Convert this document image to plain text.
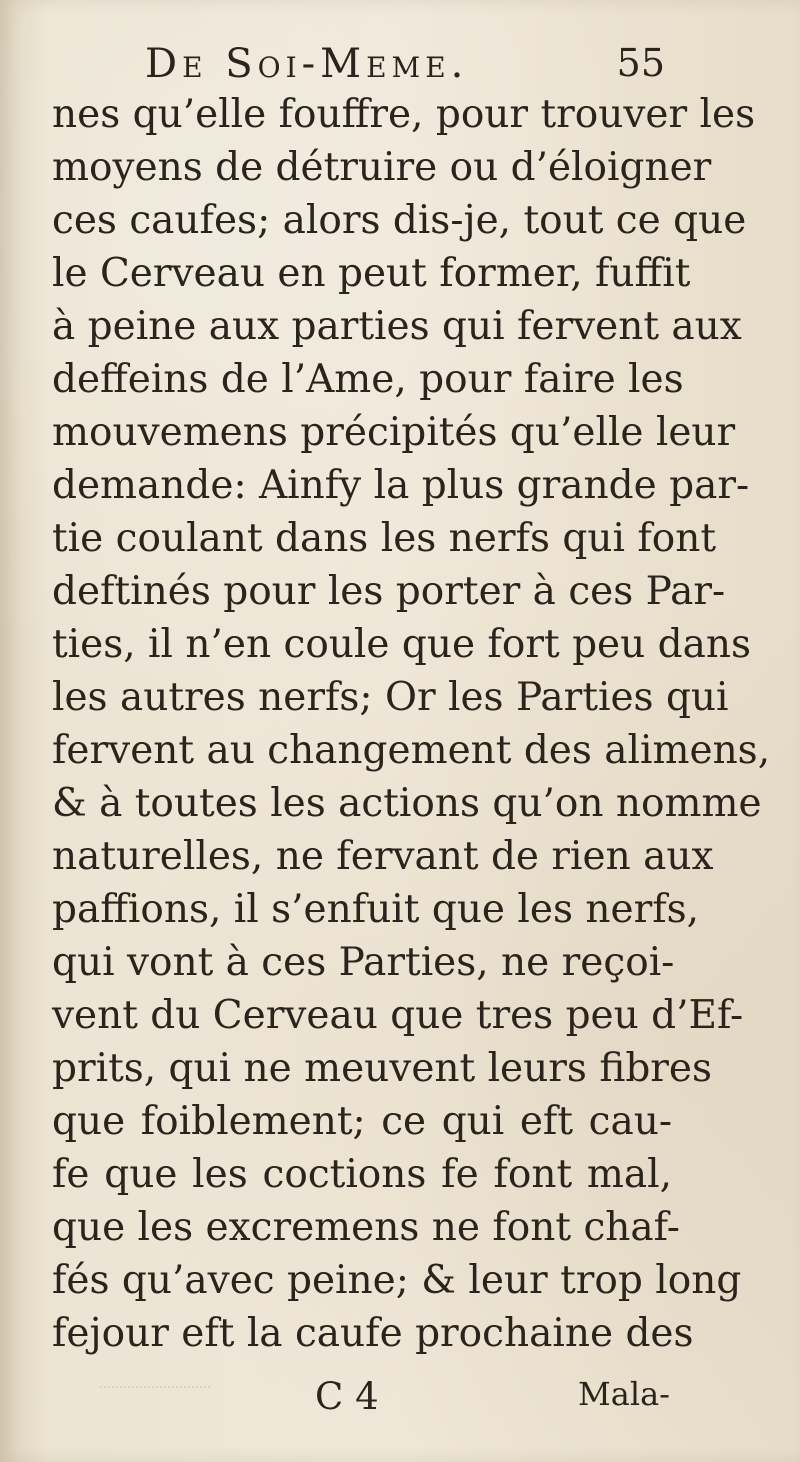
De Soi-Meme.	55
nes qu’elle fouffre, pour trouver les
moyens de détruire ou d’éloigner
ces caufes; alors dis-je, tout ce que
le Cerveau en peut former, fuffit
à peine aux parties qui fervent aux
deffeins de l’Ame, pour faire les
mouvemens précipités qu’elle leur
demande: Ainfy la plus grande par-
tie coulant dans les nerfs qui font
deftinés pour les porter à ces Par-
ties, il n’en coule que fort peu dans
les autres nerfs; Or les Parties qui
fervent au changement des alimens,
& à toutes les actions qu’on nomme
naturelles, ne fervant de rien aux
paffions, il s’enfuit que les nerfs,
qui vont à ces Parties, ne reçoi-
vent du Cerveau que tres peu d’Ef-
prits, qui ne meuvent leurs fibres
que foiblement; ce qui eft cau-
fe que les coctions fe font mal,
que les excremens ne font chaf-
fés qu’avec peine; & leur trop long
fejour eft la caufe prochaine des
C 4	Mala-
